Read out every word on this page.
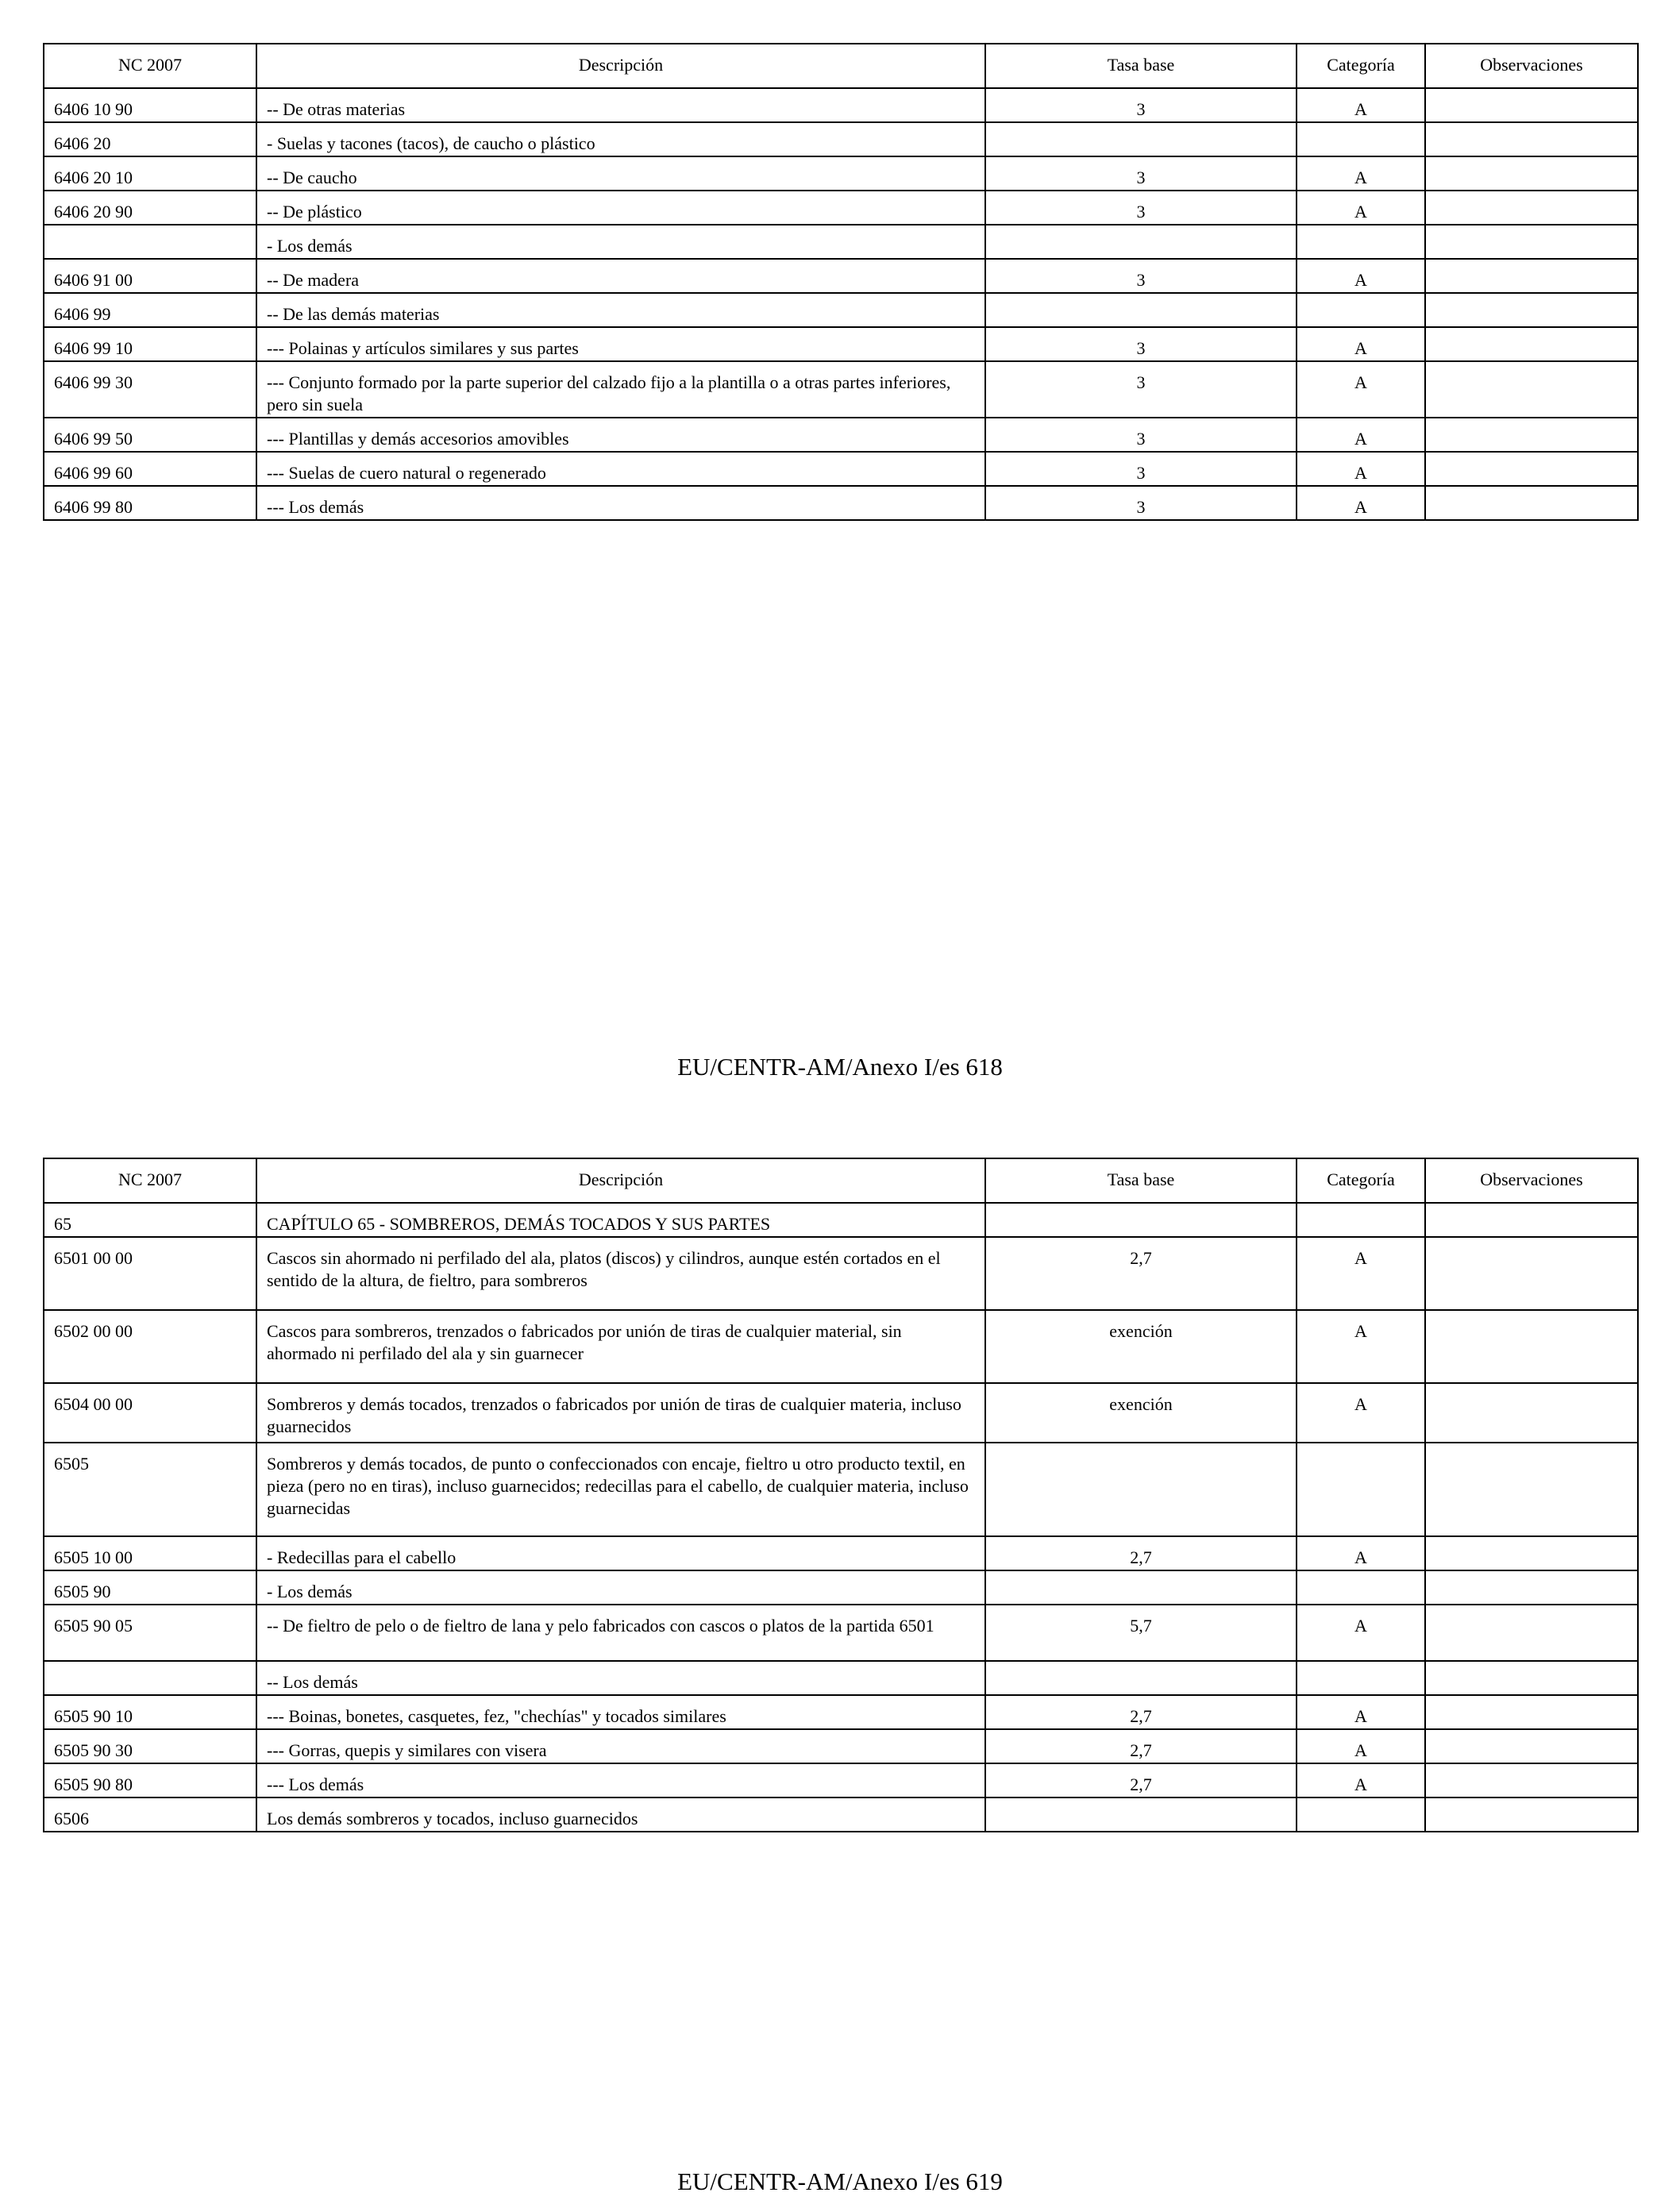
NC 2007	Descripción	Tasa base	Categoría	Observaciones
6406 10 90	-- De otras materias	3	A	
6406 20	- Suelas y tacones (tacos), de caucho o plástico			
6406 20 10	-- De caucho	3	A	
6406 20 90	-- De plástico	3	A	
	- Los demás			
6406 91 00	-- De madera	3	A	
6406 99	-- De las demás materias			
6406 99 10	--- Polainas y artículos similares y sus partes	3	A	
6406 99 30	--- Conjunto formado por la parte superior del calzado fijo a la plantilla o a otras partes inferiores, pero sin suela	3	A	
6406 99 50	--- Plantillas y demás accesorios amovibles	3	A	
6406 99 60	--- Suelas de cuero natural o regenerado	3	A	
6406 99 80	--- Los demás	3	A	
EU/CENTR-AM/Anexo I/es 618
NC 2007	Descripción	Tasa base	Categoría	Observaciones
65	CAPÍTULO 65 - SOMBREROS, DEMÁS TOCADOS Y SUS PARTES			
6501 00 00	Cascos sin ahormado ni perfilado del ala, platos (discos) y cilindros, aunque estén cortados en el sentido de la altura, de fieltro, para sombreros	2,7	A	
6502 00 00	Cascos para sombreros, trenzados o fabricados por unión de tiras de cualquier material, sin ahormado ni perfilado del ala y sin guarnecer	exención	A	
6504 00 00	Sombreros y demás tocados, trenzados o fabricados por unión de tiras de cualquier materia, incluso guarnecidos	exención	A	
6505	Sombreros y demás tocados, de punto o confeccionados con encaje, fieltro u otro producto textil, en pieza (pero no en tiras), incluso guarnecidos; redecillas para el cabello, de cualquier materia, incluso guarnecidas			
6505 10 00	- Redecillas para el cabello	2,7	A	
6505 90	- Los demás			
6505 90 05	-- De fieltro de pelo o de fieltro de lana y pelo fabricados con cascos o platos de la partida 6501	5,7	A	
	-- Los demás			
6505 90 10	--- Boinas, bonetes, casquetes, fez, "chechías" y tocados similares	2,7	A	
6505 90 30	--- Gorras, quepis y similares con visera	2,7	A	
6505 90 80	--- Los demás	2,7	A	
6506	Los demás sombreros y tocados, incluso guarnecidos			
EU/CENTR-AM/Anexo I/es 619
